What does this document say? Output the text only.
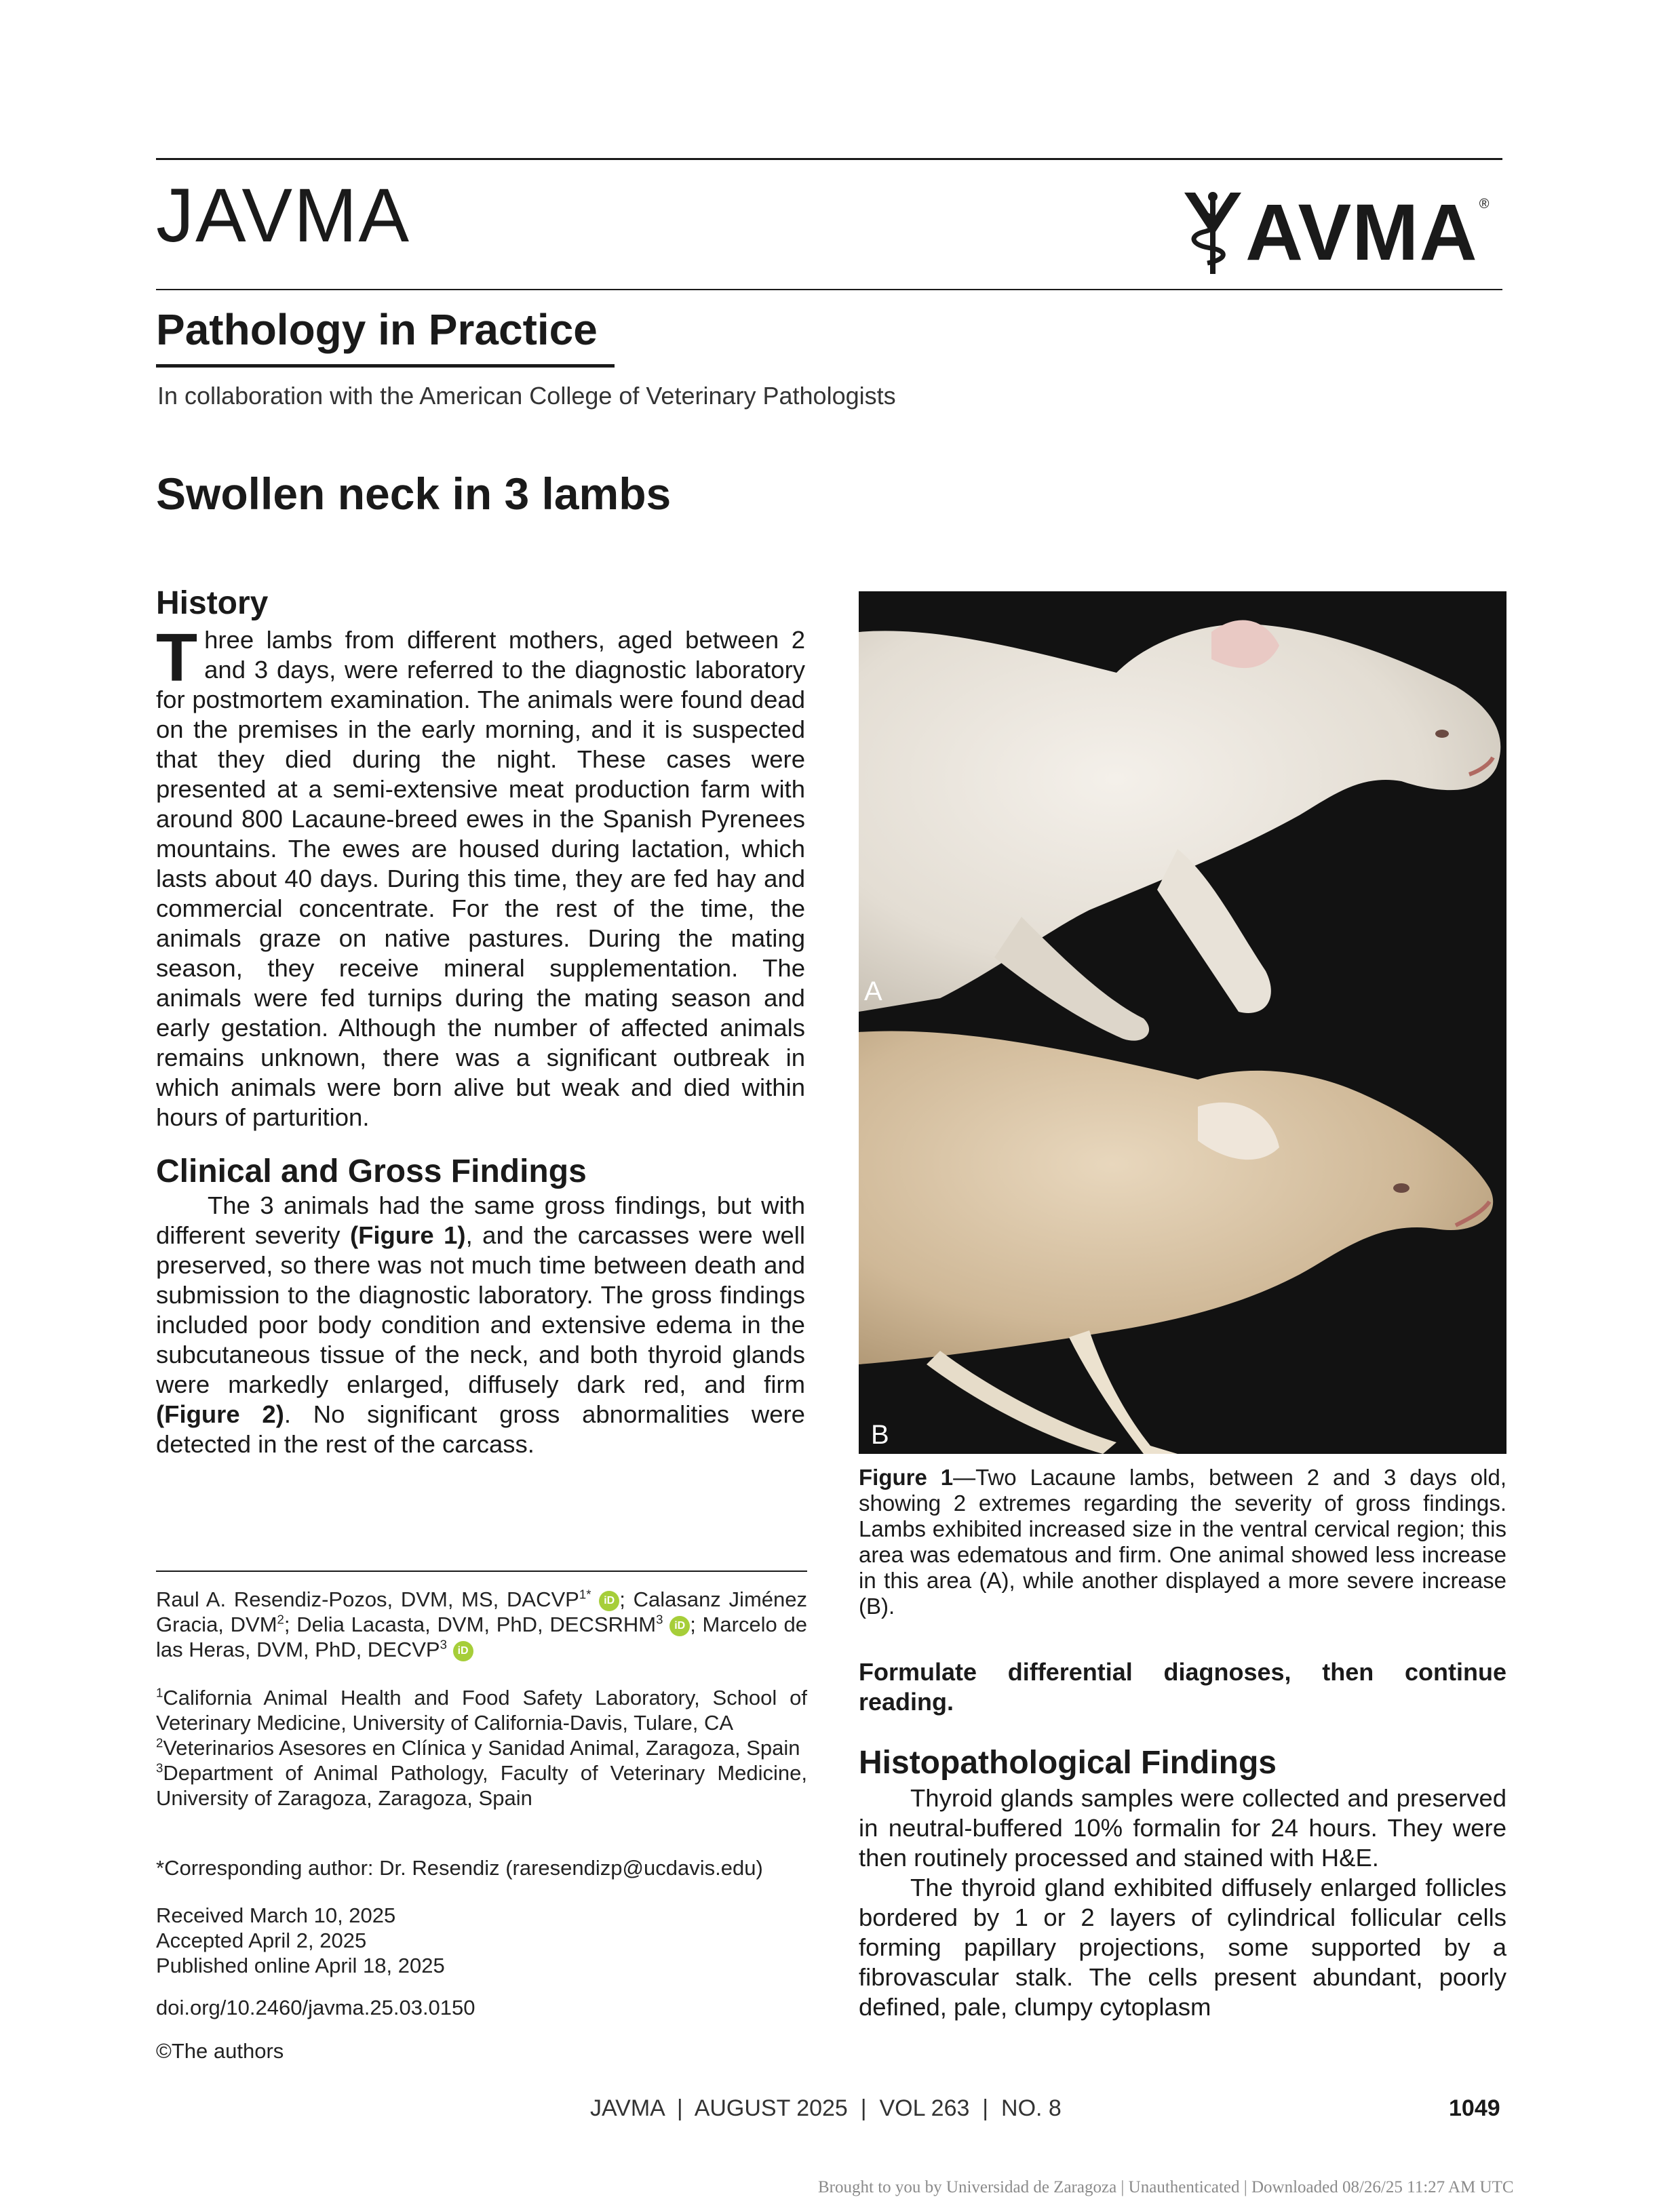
JAVMA	AVMA ®
Pathology in Practice
In collaboration with the American College of Veterinary Pathologists
Swollen neck in 3 lambs

History

Three lambs from different mothers, aged between 2 and 3 days, were referred to the diagnostic laboratory for postmortem examination. The animals were found dead on the premises in the early morning, and it is suspected that they died during the night. These cases were presented at a semi-extensive meat production farm with around 800 Lacaune-breed ewes in the Spanish Pyrenees mountains. The ewes are housed during lactation, which lasts about 40 days. During this time, they are fed hay and commercial concentrate. For the rest of the time, the animals graze on native pastures. During the mating season, they receive mineral supplementation. The animals were fed turnips during the mating season and early gestation. Although the number of affected animals remains unknown, there was a significant outbreak in which animals were born alive but weak and died within hours of parturition.

Clinical and Gross Findings

The 3 animals had the same gross findings, but with different severity (Figure 1), and the carcasses were well preserved, so there was not much time between death and submission to the diagnostic laboratory. The gross findings included poor body condition and extensive edema in the subcutaneous tissue of the neck, and both thyroid glands were markedly enlarged, diffusely dark red, and firm (Figure 2). No significant gross abnormalities were detected in the rest of the carcass.

Raul A. Resendiz-Pozos, DVM, MS, $DACVP^{1*}$ iD ; Calasanz Jiménez Gracia, DVM$^2$; Delia Lacasta, DVM, PhD, DECSRHM$^3$ iD ; Marcelo de las Heras, DVM, PhD, DECVP$^3$ iD

$^1$California Animal Health and Food Safety Laboratory, School of Veterinary Medicine, University of California-Davis, Tulare, CA

$^2$Veterinarios Asesores en Clínica y Sanidad Animal, Zaragoza, Spain

$^3$Department of Animal Pathology, Faculty of Veterinary Medicine, University of Zaragoza, Zaragoza, Spain

*Corresponding author: Dr. Resendiz (raresendizp@ucdavis.edu)

Received March 10, 2025

Accepted April 2, 2025

Published online April 18, 2025

doi.org/10.2460/javma.25.03.0150
©The authors
A
B
Figure 1—Two Lacaune lambs, between 2 and 3 days old, showing 2 extremes regarding the severity of gross findings. Lambs exhibited increased size in the ventral cervical region; this area was edematous and firm. One animal showed less increase in this area (A), while another displayed a more severe increase (B).
Formulate differential diagnoses, then continue reading.

Histopathological Findings

Thyroid glands samples were collected and preserved in neutral-buffered 10% formalin for 24 hours. They were then routinely processed and stained with H&E.

The thyroid gland exhibited diffusely enlarged follicles bordered by 1 or 2 layers of cylindrical follicular cells forming papillary projections, some supported by a fibrovascular stalk. The cells present abundant, poorly defined, pale, clumpy cytoplasm

JAVMA  |  AUGUST 2025  |  VOL 263  |  NO. 8	1049
Brought to you by Universidad de Zaragoza | Unauthenticated | Downloaded 08/26/25 11:27 AM UTC
